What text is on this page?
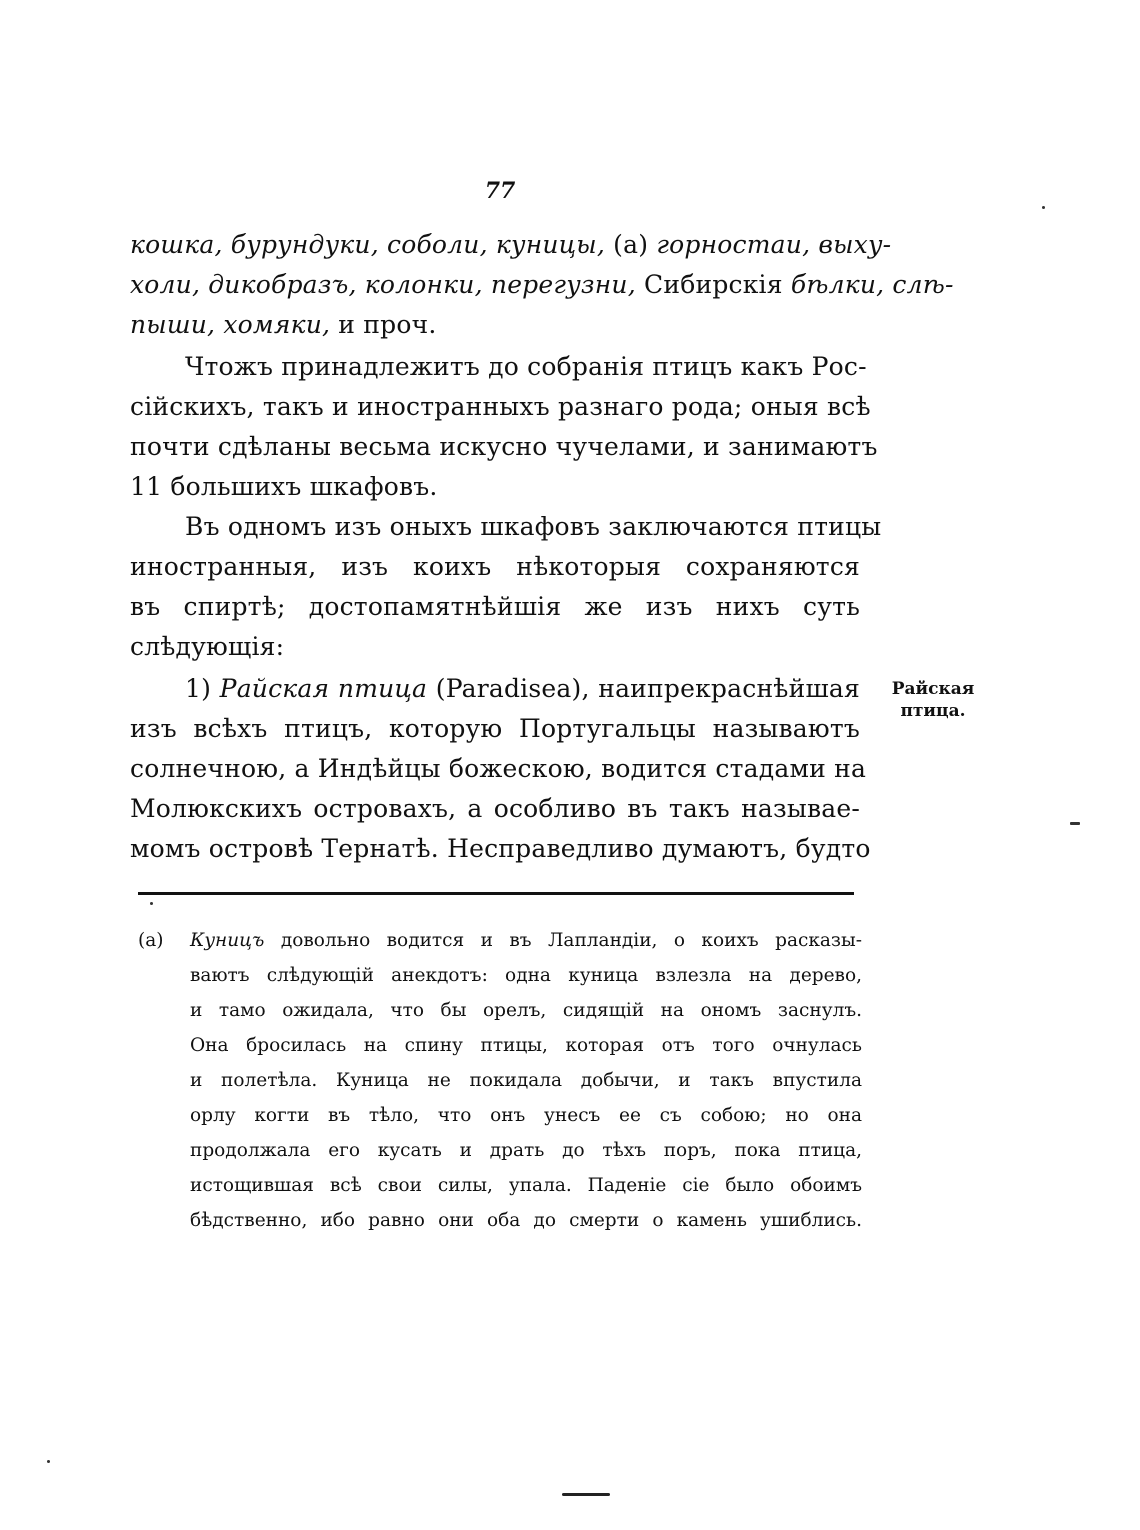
77
кошка, бурундуки, соболи, куницы, (а) горностаи, выху-
холи, дикобразъ, колонки, перегузни, Сибирскія бѣлки, слѣ-
пыши, хомяки, и проч.
Чтожъ принадлежитъ до собранія птицъ какъ Рос-
сійскихъ, такъ и иностранныхъ разнаго рода; оныя всѣ
почти сдѣланы весьма искусно чучелами, и занимаютъ
11 большихъ шкафовъ.
Въ одномъ изъ оныхъ шкафовъ заключаются птицы
иностранныя, изъ коихъ нѣкоторыя сохраняются
въ спиртѣ; достопамятнѣйшія же изъ нихъ суть
слѣдующія:
1) Райская птица (Paradisea), наипрекраснѣйшая
изъ всѣхъ птицъ, которую Португальцы называютъ
солнечною, а Индѣйцы божескою, водится стадами на
Молюкскихъ островахъ, а особливо въ такъ называе-
момъ островѣ Тернатѣ. Несправедливо думаютъ, будто
Райская
птица.
(а) Куницъ довольно водится и въ Лапландіи, о коихъ расказы-
ваютъ слѣдующій анекдотъ: одна куница взлезла на дерево,
и тамо ожидала, что бы орелъ, сидящій на ономъ заснулъ.
Она бросилась на спину птицы, которая отъ того очнулась
и полетѣла. Куница не покидала добычи, и такъ впустила
орлу когти въ тѣло, что онъ унесъ ее съ собою; но она
продолжала его кусать и драть до тѣхъ поръ, пока птица,
истощившая всѣ свои силы, упала. Паденіе сіе было обоимъ
бѣдственно, ибо равно они оба до смерти о камень ушиблись.
